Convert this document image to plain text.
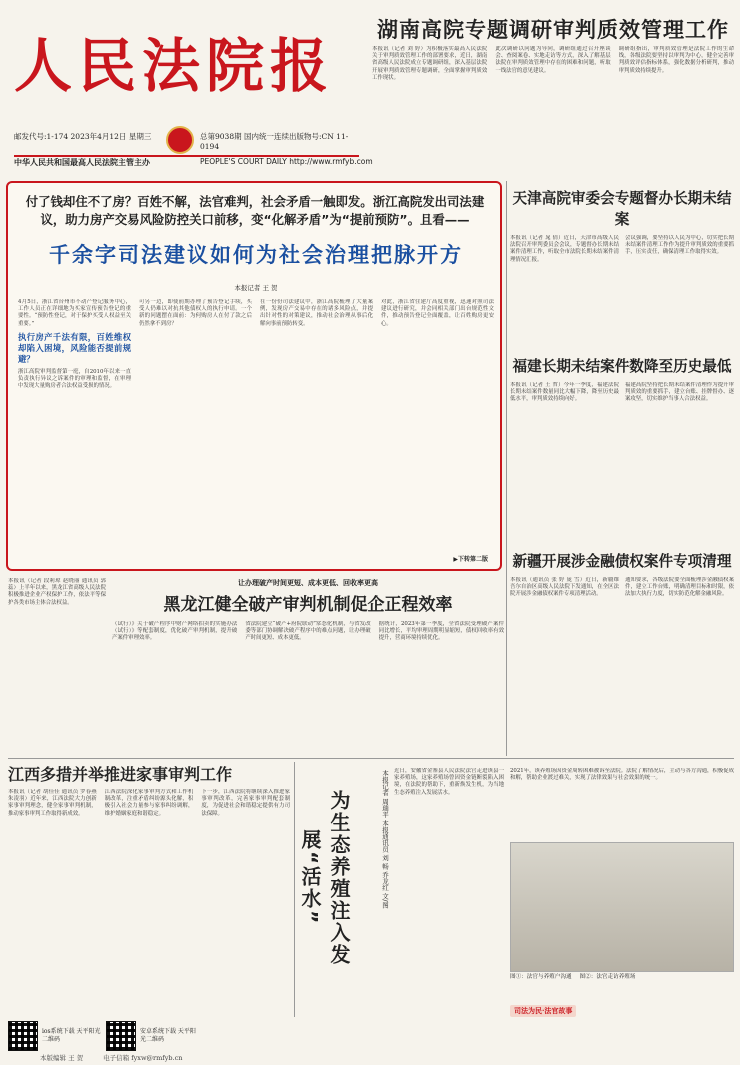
人民法院报
邮发代号:1-174 2023年4月12日 星期三	总第9038期 国内统一连续出版物号:CN 11-0194
中华人民共和国最高人民法院主管主办	PEOPLE'S COURT DAILY http://www.rmfyb.com
湖南高院专题调研审判质效管理工作
本报讯（记者 刘 婷）为积极落实最高人民法院关于审判质效管理工作的部署要求，近日，湖南省高级人民法院成立专题调研组，深入基层法院开展审判质效管理专题调研，全面掌握审判质效工作现状。
此次调研以问题为导向，调研组通过召开座谈会、查阅案卷、实地走访等方式，深入了解基层法院在审判质效管理中存在的困难和问题，听取一线法官的意见建议。
调研组指出，审判质效管理是法院工作的生命线，各级法院要坚持以审判为中心，健全完善审判质效评估指标体系，强化数据分析研判，推动审判质效持续提升。
付了钱却住不了房？百姓不解，法官难判，社会矛盾一触即发。浙江高院发出司法建议，助力房产交易风险防控关口前移，变“化解矛盾”为“提前预防”。且看——
千余字司法建议如何为社会治理把脉开方
本报记者 王 贺
4月5日，浙江省台州市不动产登记服务中心，工作人员正在详细地为买家宣传预告登记的重要性。“预防性登记，对于保护买受人权益至关重要。”
执行房产千法有限，百姓维权却陷入困境，风险能否提前规避？
浙江高院审判监督第一庭，自2010年以来一直负责执行异议之诉案件的审理和监督，在审理中发现大量购房者合法权益受损的情况。
可另一边，即使前期办理了预告登记手续，买受人仍难以对抗其他债权人的执行申请。一个新的问题摆在面前：为何购房人在付了款之后仍然拿不到房？
在一份份司法建议中，浙江高院梳理了大量案例，发现房产交易中存在的诸多风险点，并提出针对性的对策建议，推动社会治理从事后化解向事前预防转变。
对此，浙江省住建厅高度重视，迅速对照司法建议进行研究，并会同相关部门出台规范性文件，推动预告登记全面覆盖，让百姓购房更安心。
▶下转第二版
天津高院审委会专题督办长期未结案
本报讯（记者 晁 倩）近日，天津市高级人民法院召开审判委员会会议，专题督办长期未结案件清理工作，听取全市法院长期未结案件清理情况汇报。
会议强调，要坚持以人民为中心，切实把长期未结案件清理工作作为提升审判质效的重要抓手，压实责任，确保清理工作取得实效。
福建长期未结案件数降至历史最低
本报讯（记者 王 哲）今年一季度，福建法院长期未结案件数量同比大幅下降，降至历史最低水平，审判质效持续向好。
福建高院坚持把长期未结案件清理作为提升审判质效的重要抓手，建立台账、挂牌督办、逐案攻坚，切实维护当事人合法权益。
新疆开展涉金融债权案件专项清理
本报讯（通讯员 张 婷 庞 雪）近日，新疆维吾尔自治区高级人民法院下发通知，在全区法院开展涉金融债权案件专项清理活动。
通知要求，各级法院要全面梳理涉金融债权案件，建立工作台账，明确清理目标和时限，依法加大执行力度，切实防范化解金融风险。
本报讯（记者 段莉琼 赵晓丽 通讯员 郭蕊）上半年以来，黑龙江省高级人民法院积极推进企业产权保护工作，依法平等保护各类市场主体合法权益。
让办理破产时间更短、成本更低、回收率更高
黑龙江健全破产审判机制促企正程效率
（试行）》关于破产程序中财产网络拍卖的实施办法（试行）》等配套制度，优化破产审判机制，提升破产案件审理效率。
省法院建立“破产+府院联动”常态化机制，与省发改委等部门协调解决破产程序中的难点问题，让办理破产时间更短、成本更低。
据统计，2023年第一季度，全省法院受理破产案件同比增长，平均审理周期明显缩短，债权回收率有效提升，营商环境持续优化。
江西多措并举推进家事审判工作
本报讯（记者 胡佳佳 通讯员 罗春燕 朱凌羽）近年来，江西法院大力创新家事审判理念，健全家事审判机制，推动家事审判工作取得新成效。
江西法院深化家事审判方式和工作机制改革，注重矛盾纠纷源头化解，积极引入社会力量参与家事纠纷调解，维护婚姻家庭和谐稳定。
下一步，江西法院将继续深入推进家事审判改革，完善家事审判配套制度，为促进社会和谐稳定提供有力司法保障。	为生态养殖注入发展“活水”	本报记者 周瑞平 本报通讯员 刘 畅 乔龙红 文/图 近日，安徽省金寨县人民法院法官走进该县一家养殖场，这家养殖场曾因资金链断裂陷入困境，在法院的帮助下，重新焕发生机，为当地生态养殖注入发展活水。
2021年，该养殖场因资金周转困难被诉至法院。法院了解情况后，主动与各方沟通，积极促成和解，帮助企业渡过难关，实现了法律效果与社会效果的统一。
图①：法官与养殖户沟通 图②：法官走访养殖场
司法为民·法官故事
ios系统下载 天平阳光二维码
安卓系统下载 天平阳光二维码
本版编辑 王 贺	电子信箱 fyxw@rmfyb.cn
